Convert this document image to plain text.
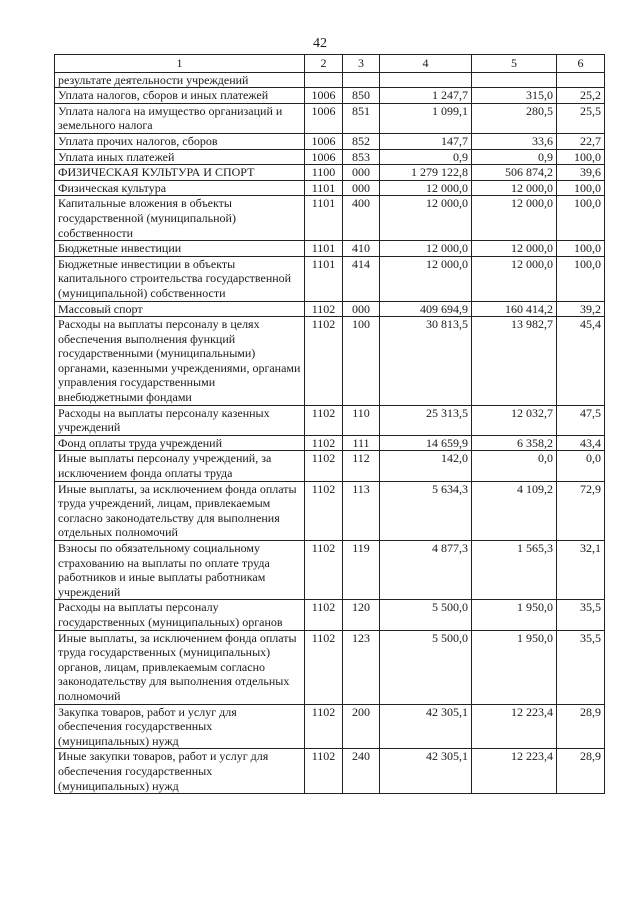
42
1	2	3	4	5	6
результате деятельности учреждений					
Уплата налогов, сборов и иных платежей	1006	850	1 247,7	315,0	25,2
Уплата налога на имущество организаций и земельного налога	1006	851	1 099,1	280,5	25,5
Уплата прочих налогов, сборов	1006	852	147,7	33,6	22,7
Уплата иных платежей	1006	853	0,9	0,9	100,0
ФИЗИЧЕСКАЯ КУЛЬТУРА И СПОРТ	1100	000	1 279 122,8	506 874,2	39,6
Физическая культура	1101	000	12 000,0	12 000,0	100,0
Капитальные вложения в объекты государственной (муниципальной) собственности	1101	400	12 000,0	12 000,0	100,0
Бюджетные инвестиции	1101	410	12 000,0	12 000,0	100,0
Бюджетные инвестиции в объекты капитального строительства государственной (муниципальной) собственности	1101	414	12 000,0	12 000,0	100,0
Массовый спорт	1102	000	409 694,9	160 414,2	39,2
Расходы на выплаты персоналу в целях обеспечения выполнения функций государственными (муниципальными) органами, казенными учреждениями, органами управления государственными внебюджетными фондами	1102	100	30 813,5	13 982,7	45,4
Расходы на выплаты персоналу казенных учреждений	1102	110	25 313,5	12 032,7	47,5
Фонд оплаты труда учреждений	1102	111	14 659,9	6 358,2	43,4
Иные выплаты персоналу учреждений, за исключением фонда оплаты труда	1102	112	142,0	0,0	0,0
Иные выплаты, за исключением фонда оплаты труда учреждений, лицам, привлекаемым согласно законодательству для выполнения отдельных полномочий	1102	113	5 634,3	4 109,2	72,9
Взносы по обязательному социальному страхованию на выплаты по оплате труда работников и иные выплаты работникам учреждений	1102	119	4 877,3	1 565,3	32,1
Расходы на выплаты персоналу государственных (муниципальных) органов	1102	120	5 500,0	1 950,0	35,5
Иные выплаты, за исключением фонда оплаты труда государственных (муниципальных) органов, лицам, привлекаемым согласно законодательству для выполнения отдельных полномочий	1102	123	5 500,0	1 950,0	35,5
Закупка товаров, работ и услуг для обеспечения государственных (муниципальных) нужд	1102	200	42 305,1	12 223,4	28,9
Иные закупки товаров, работ и услуг для обеспечения государственных (муниципальных) нужд	1102	240	42 305,1	12 223,4	28,9
